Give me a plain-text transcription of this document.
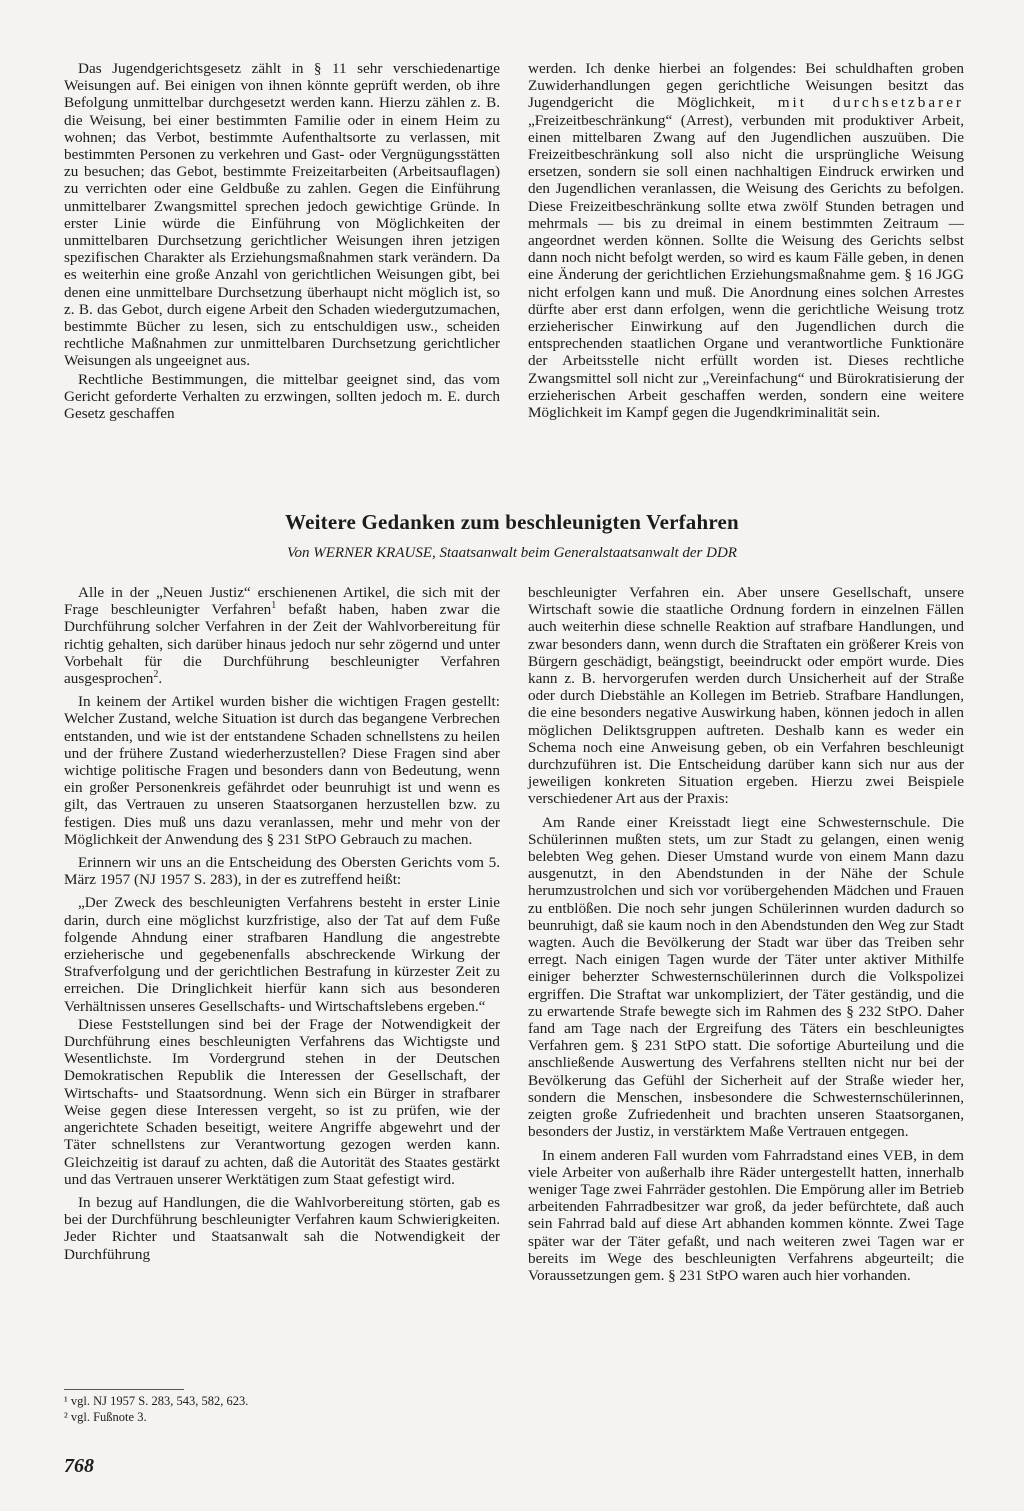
Das Jugendgerichtsgesetz zählt in § 11 sehr verschiedenartige Weisungen auf. Bei einigen von ihnen könnte geprüft werden, ob ihre Befolgung unmittelbar durchgesetzt werden kann. Hierzu zählen z. B. die Weisung, bei einer bestimmten Familie oder in einem Heim zu wohnen; das Verbot, bestimmte Aufenthaltsorte zu verlassen, mit bestimmten Personen zu verkehren und Gast- oder Vergnügungsstätten zu besuchen; das Gebot, bestimmte Freizeitarbeiten (Arbeitsauflagen) zu verrichten oder eine Geldbuße zu zahlen. Gegen die Einführung unmittelbarer Zwangsmittel sprechen jedoch gewichtige Gründe. In erster Linie würde die Einführung von Möglichkeiten der unmittelbaren Durchsetzung gerichtlicher Weisungen ihren jetzigen spezifischen Charakter als Erziehungsmaßnahmen stark verändern. Da es weiterhin eine große Anzahl von gerichtlichen Weisungen gibt, bei denen eine unmittelbare Durchsetzung überhaupt nicht möglich ist, so z. B. das Gebot, durch eigene Arbeit den Schaden wiedergutzumachen, bestimmte Bücher zu lesen, sich zu entschuldigen usw., scheiden rechtliche Maßnahmen zur unmittelbaren Durchsetzung gerichtlicher Weisungen als ungeeignet aus.

Rechtliche Bestimmungen, die mittelbar geeignet sind, das vom Gericht geforderte Verhalten zu erzwingen, sollten jedoch m. E. durch Gesetz geschaffen

werden. Ich denke hierbei an folgendes: Bei schuldhaften groben Zuwiderhandlungen gegen gerichtliche Weisungen besitzt das Jugendgericht die Möglichkeit, mit durchsetzbarer „Freizeitbeschränkung“ (Arrest), verbunden mit produktiver Arbeit, einen mittelbaren Zwang auf den Jugendlichen auszuüben. Die Freizeitbeschränkung soll also nicht die ursprüngliche Weisung ersetzen, sondern sie soll einen nachhaltigen Eindruck erwirken und den Jugendlichen veranlassen, die Weisung des Gerichts zu befolgen. Diese Freizeitbeschränkung sollte etwa zwölf Stunden betragen und mehrmals — bis zu dreimal in einem bestimmten Zeitraum — angeordnet werden können. Sollte die Weisung des Gerichts selbst dann noch nicht befolgt werden, so wird es kaum Fälle geben, in denen eine Änderung der gerichtlichen Erziehungsmaßnahme gem. § 16 JGG nicht erfolgen kann und muß. Die Anordnung eines solchen Arrestes dürfte aber erst dann erfolgen, wenn die gerichtliche Weisung trotz erzieherischer Einwirkung auf den Jugendlichen durch die entsprechenden staatlichen Organe und verantwortliche Funktionäre der Arbeitsstelle nicht erfüllt worden ist. Dieses rechtliche Zwangsmittel soll nicht zur „Vereinfachung“ und Bürokratisierung der erzieherischen Arbeit geschaffen werden, sondern eine weitere Möglichkeit im Kampf gegen die Jugendkriminalität sein.

Weitere Gedanken zum beschleunigten Verfahren
Von WERNER KRAUSE, Staatsanwalt beim Generalstaatsanwalt der DDR

Alle in der „Neuen Justiz“ erschienenen Artikel, die sich mit der Frage beschleunigter Verfahren$^1$ befaßt haben, haben zwar die Durchführung solcher Verfahren in der Zeit der Wahlvorbereitung für richtig gehalten, sich darüber hinaus jedoch nur sehr zögernd und unter Vorbehalt für die Durchführung beschleunigter Verfahren ausgesprochen$^2$.

In keinem der Artikel wurden bisher die wichtigen Fragen gestellt: Welcher Zustand, welche Situation ist durch das begangene Verbrechen entstanden, und wie ist der entstandene Schaden schnellstens zu heilen und der frühere Zustand wiederherzustellen? Diese Fragen sind aber wichtige politische Fragen und besonders dann von Bedeutung, wenn ein großer Personenkreis gefährdet oder beunruhigt ist und wenn es gilt, das Vertrauen zu unseren Staatsorganen herzustellen bzw. zu festigen. Dies muß uns dazu veranlassen, mehr und mehr von der Möglichkeit der Anwendung des § 231 StPO Gebrauch zu machen.

Erinnern wir uns an die Entscheidung des Obersten Gerichts vom 5. März 1957 (NJ 1957 S. 283), in der es zutreffend heißt:

„Der Zweck des beschleunigten Verfahrens besteht in erster Linie darin, durch eine möglichst kurzfristige, also der Tat auf dem Fuße folgende Ahndung einer strafbaren Handlung die angestrebte erzieherische und gegebenenfalls abschreckende Wirkung der Strafverfolgung und der gerichtlichen Bestrafung in kürzester Zeit zu erreichen. Die Dringlichkeit hierfür kann sich aus besonderen Verhältnissen unseres Gesellschafts- und Wirtschaftslebens ergeben.“

Diese Feststellungen sind bei der Frage der Notwendigkeit der Durchführung eines beschleunigten Verfahrens das Wichtigste und Wesentlichste. Im Vordergrund stehen in der Deutschen Demokratischen Republik die Interessen der Gesellschaft, der Wirtschafts- und Staatsordnung. Wenn sich ein Bürger in strafbarer Weise gegen diese Interessen vergeht, so ist zu prüfen, wie der angerichtete Schaden beseitigt, weitere Angriffe abgewehrt und der Täter schnellstens zur Verantwortung gezogen werden kann. Gleichzeitig ist darauf zu achten, daß die Autorität des Staates gestärkt und das Vertrauen unserer Werktätigen zum Staat gefestigt wird.

In bezug auf Handlungen, die die Wahlvorbereitung störten, gab es bei der Durchführung beschleunigter Verfahren kaum Schwierigkeiten. Jeder Richter und Staatsanwalt sah die Notwendigkeit der Durchführung

¹ vgl. NJ 1957 S. 283, 543, 582, 623.
² vgl. Fußnote 3.

beschleunigter Verfahren ein. Aber unsere Gesellschaft, unsere Wirtschaft sowie die staatliche Ordnung fordern in einzelnen Fällen auch weiterhin diese schnelle Reaktion auf strafbare Handlungen, und zwar besonders dann, wenn durch die Straftaten ein größerer Kreis von Bürgern geschädigt, beängstigt, beeindruckt oder empört wurde. Dies kann z. B. hervorgerufen werden durch Unsicherheit auf der Straße oder durch Diebstähle an Kollegen im Betrieb. Strafbare Handlungen, die eine besonders negative Auswirkung haben, können jedoch in allen möglichen Deliktsgruppen auftreten. Deshalb kann es weder ein Schema noch eine Anweisung geben, ob ein Verfahren beschleunigt durchzuführen ist. Die Entscheidung darüber kann sich nur aus der jeweiligen konkreten Situation ergeben. Hierzu zwei Beispiele verschiedener Art aus der Praxis:

Am Rande einer Kreisstadt liegt eine Schwesternschule. Die Schülerinnen mußten stets, um zur Stadt zu gelangen, einen wenig belebten Weg gehen. Dieser Umstand wurde von einem Mann dazu ausgenutzt, in den Abendstunden in der Nähe der Schule herumzustrolchen und sich vor vorübergehenden Mädchen und Frauen zu entblößen. Die noch sehr jungen Schülerinnen wurden dadurch so beunruhigt, daß sie kaum noch in den Abendstunden den Weg zur Stadt wagten. Auch die Bevölkerung der Stadt war über das Treiben sehr erregt. Nach einigen Tagen wurde der Täter unter aktiver Mithilfe einiger beherzter Schwesternschülerinnen durch die Volkspolizei ergriffen. Die Straftat war unkompliziert, der Täter geständig, und die zu erwartende Strafe bewegte sich im Rahmen des § 232 StPO. Daher fand am Tage nach der Ergreifung des Täters ein beschleunigtes Verfahren gem. § 231 StPO statt. Die sofortige Aburteilung und die anschließende Auswertung des Verfahrens stellten nicht nur bei der Bevölkerung das Gefühl der Sicherheit auf der Straße wieder her, sondern die Menschen, insbesondere die Schwesternschülerinnen, zeigten große Zufriedenheit und brachten unseren Staatsorganen, besonders der Justiz, in verstärktem Maße Vertrauen entgegen.

In einem anderen Fall wurden vom Fahrradstand eines VEB, in dem viele Arbeiter von außerhalb ihre Räder untergestellt hatten, innerhalb weniger Tage zwei Fahrräder gestohlen. Die Empörung aller im Betrieb arbeitenden Fahrradbesitzer war groß, da jeder befürchtete, daß auch sein Fahrrad bald auf diese Art abhanden kommen könnte. Zwei Tage später war der Täter gefaßt, und nach weiteren zwei Tagen war er bereits im Wege des beschleunigten Verfahrens abgeurteilt; die Voraussetzungen gem. § 231 StPO waren auch hier vorhanden.

768
